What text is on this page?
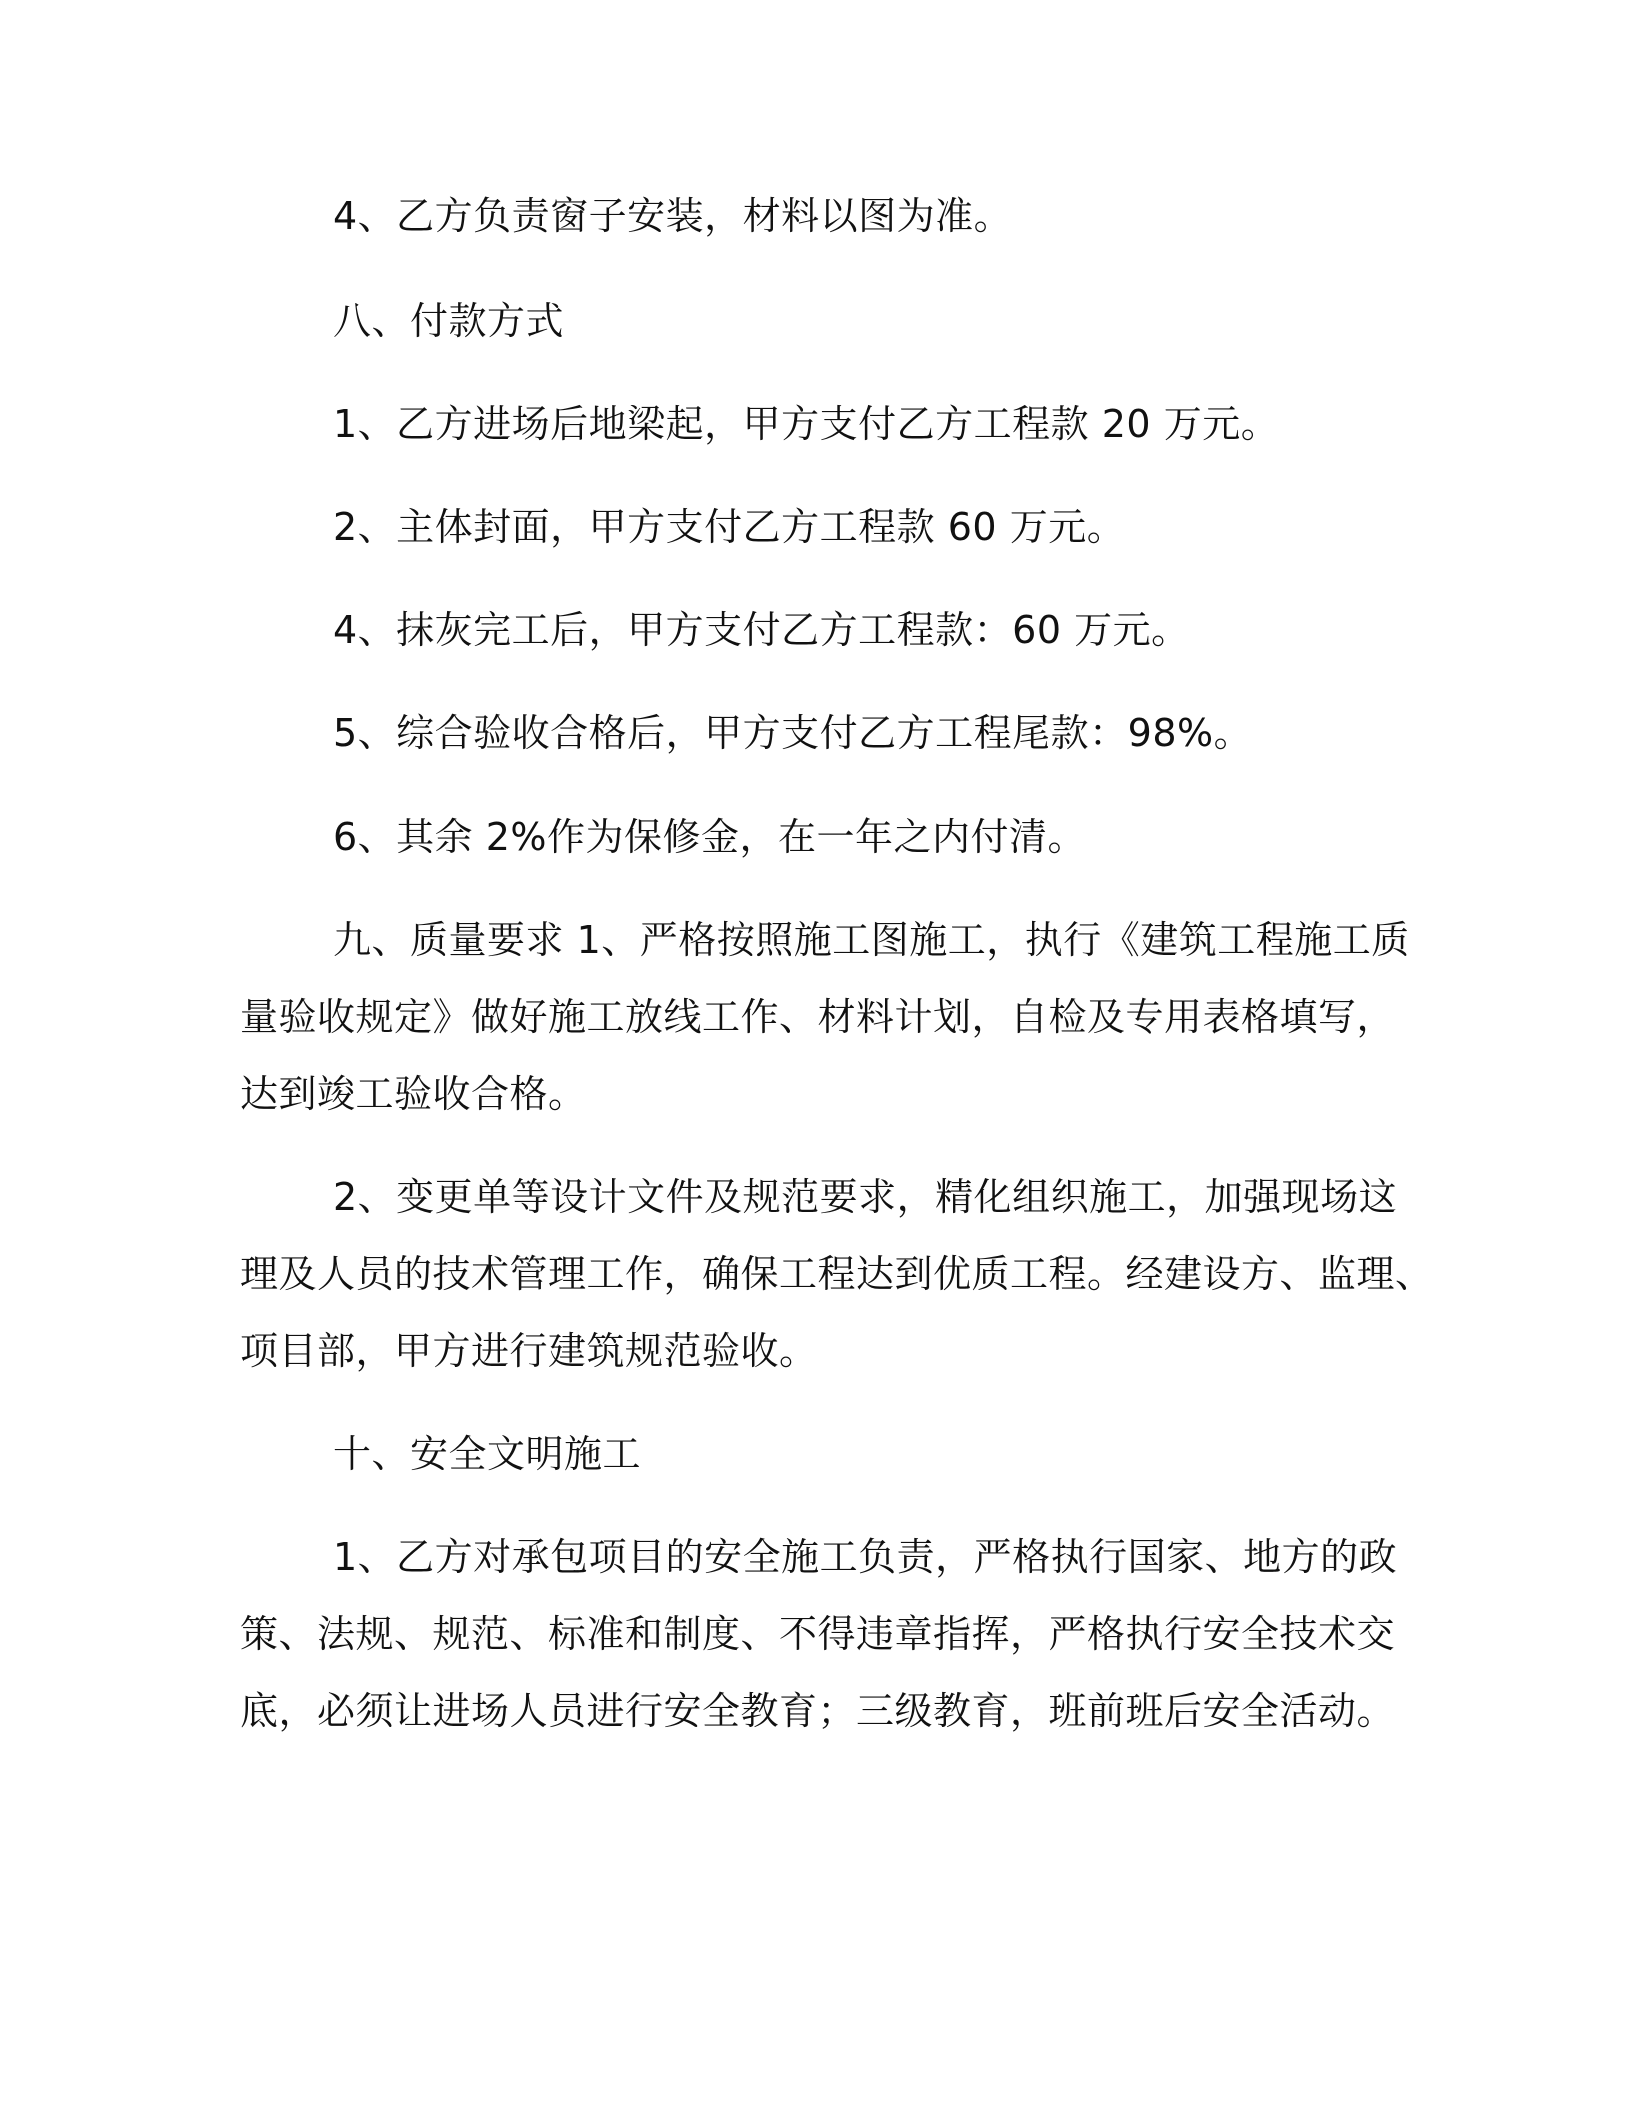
4、乙方负责窗子安装，材料以图为准。
八、付款方式
1、乙方进场后地梁起，甲方支付乙方工程款 20 万元。
2、主体封面，甲方支付乙方工程款 60 万元。
4、抹灰完工后，甲方支付乙方工程款：60 万元。
5、综合验收合格后，甲方支付乙方工程尾款：98%。
6、其余 2%作为保修金，在一年之内付清。
九、质量要求 1、严格按照施工图施工，执行《建筑工程施工质
量验收规定》做好施工放线工作、材料计划，自检及专用表格填写，
达到竣工验收合格。
2、变更单等设计文件及规范要求，精化组织施工，加强现场这
理及人员的技术管理工作，确保工程达到优质工程。经建设方、监理、
项目部，甲方进行建筑规范验收。
十、安全文明施工
1、乙方对承包项目的安全施工负责，严格执行国家、地方的政
策、法规、规范、标准和制度、不得违章指挥，严格执行安全技术交
底，必须让进场人员进行安全教育；三级教育，班前班后安全活动。
